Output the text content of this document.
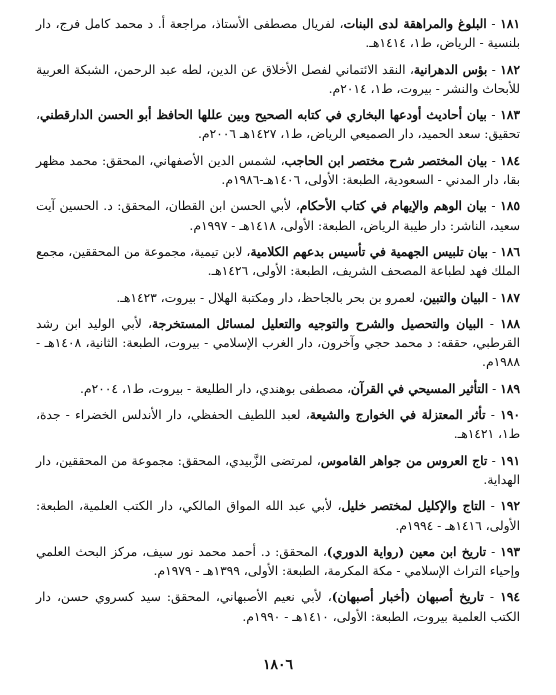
١٨١ - البلوغ والمراهقة لدى البنات، لفريال مصطفى الأستاذ، مراجعة أ. د محمد كامل فرج، دار بلنسية - الرياض، ط١، ١٤١٤هـ.

١٨٢ - بؤس الدهرانية، النقد الائتماني لفصل الأخلاق عن الدين، لطه عبد الرحمن، الشبكة العربية للأبحاث والنشر - بيروت، ط١، ٢٠١٤م.

١٨٣ - بيان أحاديث أودعها البخاري في كتابه الصحيح وبين عللها الحافظ أبو الحسن الدارقطني، تحقيق: سعد الحميد، دار الصميعي الرياض، ط١، ١٤٢٧هـ ٢٠٠٦م.

١٨٤ - بيان المختصر شرح مختصر ابن الحاجب، لشمس الدين الأصفهاني، المحقق: محمد مظهر بقا، دار المدني - السعودية، الطبعة: الأولى، ١٤٠٦هـ-١٩٨٦م.

١٨٥ - بيان الوهم والإيهام في كتاب الأحكام، لأبي الحسن ابن القطان، المحقق: د. الحسين آيت سعيد، الناشر: دار طيبة الرياض، الطبعة: الأولى، ١٤١٨هـ - ١٩٩٧م.

١٨٦ - بيان تلبيس الجهمية في تأسيس بدعهم الكلامية، لابن تيمية، مجموعة من المحققين، مجمع الملك فهد لطباعة المصحف الشريف، الطبعة: الأولى، ١٤٢٦هـ.

١٨٧ - البيان والتبين، لعمرو بن بحر بالجاحظ، دار ومكتبة الهلال - بيروت، ١٤٢٣هـ.

١٨٨ - البيان والتحصيل والشرح والتوجيه والتعليل لمسائل المستخرجة، لأبي الوليد ابن رشد القرطبي، حققه: د محمد حجي وآخرون، دار الغرب الإسلامي - بيروت، الطبعة: الثانية، ١٤٠٨هـ - ١٩٨٨م.

١٨٩ - التأثير المسيحي في القرآن، مصطفى بوهندي، دار الطليعة - بيروت، ط١، ٢٠٠٤م.

١٩٠ - تأثر المعتزلة في الخوارج والشيعة، لعبد اللطيف الحفظي، دار الأندلس الخضراء - جدة، ط١، ١٤٢١هـ.

١٩١ - تاج العروس من جواهر القاموس، لمرتضى الزَّبيدي، المحقق: مجموعة من المحققين، دار الهداية.

١٩٢ - التاج والإكليل لمختصر خليل، لأبي عبد الله المواق المالكي، دار الكتب العلمية، الطبعة: الأولى، ١٤١٦هـ - ١٩٩٤م.

١٩٣ - تاريخ ابن معين (رواية الدوري)، المحقق: د. أحمد محمد نور سيف، مركز البحث العلمي وإحياء التراث الإسلامي - مكة المكرمة، الطبعة: الأولى، ١٣٩٩هـ - ١٩٧٩م.

١٩٤ - تاريخ أصبهان (أخبار أصبهان)، لأبي نعيم الأصبهاني، المحقق: سيد كسروي حسن، دار الكتب العلمية بيروت، الطبعة: الأولى، ١٤١٠هـ - ١٩٩٠م.

١٨٠٦
